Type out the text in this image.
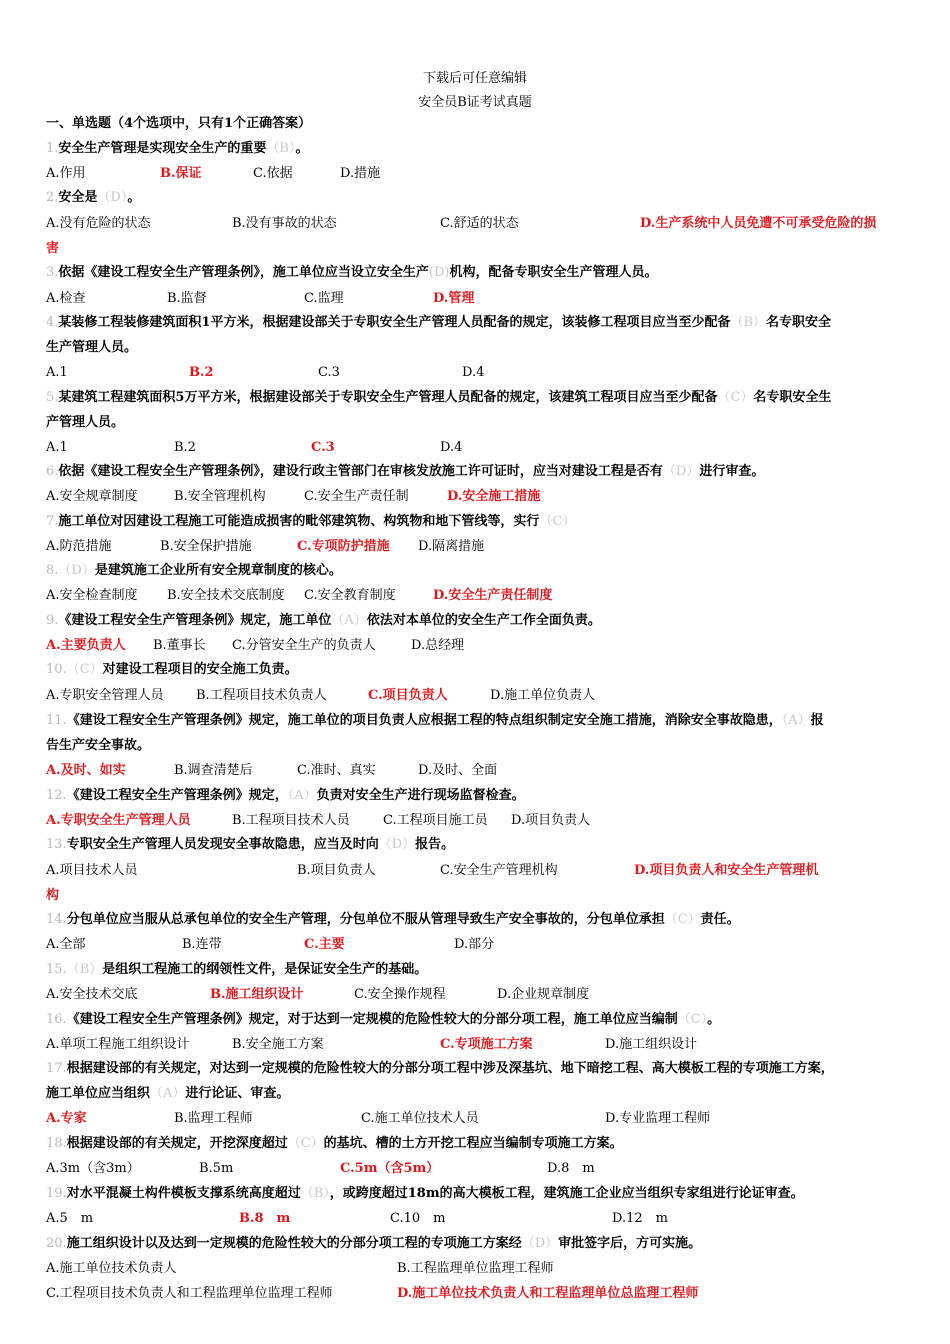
下载后可任意编辑
安全员B证考试真题
一、单选题（4个选项中，只有1个正确答案）
1.安全生产管理是实现安全生产的重要（B）。
A.作用	B.保证	C.依据	D.措施
2.安全是（D）。
A.没有危险的状态	B.没有事故的状态	C.舒适的状态	D.生产系统中人员免遭不可承受危险的损
害
3.依据《建设工程安全生产管理条例》，施工单位应当设立安全生产(D)机构，配备专职安全生产管理人员。
A.检查	B.监督	C.监理	D.管理
4.某装修工程装修建筑面积1平方米，根据建设部关于专职安全生产管理人员配备的规定，该装修工程项目应当至少配备（B）名专职安全
生产管理人员。
A.1	B.2	C.3	D.4
5.某建筑工程建筑面积5万平方米，根据建设部关于专职安全生产管理人员配备的规定，该建筑工程项目应当至少配备（C）名专职安全生
产管理人员。
A.1	B.2	C.3	D.4
6.依据《建设工程安全生产管理条例》，建设行政主管部门在审核发放施工许可证时，应当对建设工程是否有（D）进行审查。
A.安全规章制度	B.安全管理机构	C.安全生产责任制	D.安全施工措施
7.施工单位对因建设工程施工可能造成损害的毗邻建筑物、构筑物和地下管线等，实行（C）
A.防范措施	B.安全保护措施	C.专项防护措施 D.隔离措施
8.（D）是建筑施工企业所有安全规章制度的核心。
A.安全检查制度 B.安全技术交底制度 C.安全教育制度	D.安全生产责任制度
9.《建设工程安全生产管理条例》规定，施工单位（A）依法对本单位的安全生产工作全面负责。
A.主要负责人 B.董事长 C.分管安全生产的负责人	D.总经理
10.（C）对建设工程项目的安全施工负责。
A.专职安全管理人员 B.工程项目技术负责人	C.项目负责人	D.施工单位负责人
11.《建设工程安全生产管理条例》规定，施工单位的项目负责人应根据工程的特点组织制定安全施工措施，消除安全事故隐患，（A）报
告生产安全事故。
A.及时、如实	B.调查清楚后	C.准时、真实	D.及时、全面
12.《建设工程安全生产管理条例》规定，（A）负责对安全生产进行现场监督检查。
A.专职安全生产管理人员	B.工程项目技术人员	C.工程项目施工员 D.项目负责人
13.专职安全生产管理人员发现安全事故隐患，应当及时向（D）报告。
A.项目技术人员	B.项目负责人	C.安全生产管理机构	D.项目负责人和安全生产管理机
构
14.分包单位应当服从总承包单位的安全生产管理，分包单位不服从管理导致生产安全事故的，分包单位承担（C）责任。
A.全部	B.连带	C.主要	D.部分
15.（B）是组织工程施工的纲领性文件，是保证安全生产的基础。
A.安全技术交底	B.施工组织设计	C.安全操作规程	D.企业规章制度
16.《建设工程安全生产管理条例》规定，对于达到一定规模的危险性较大的分部分项工程，施工单位应当编制（C）。
A.单项工程施工组织设计	B.安全施工方案	C.专项施工方案	D.施工组织设计
17.根据建设部的有关规定，对达到一定规模的危险性较大的分部分项工程中涉及深基坑、地下暗挖工程、高大模板工程的专项施工方案，
施工单位应当组织（A）进行论证、审查。
A.专家	B.监理工程师	C.施工单位技术人员	D.专业监理工程师
18.根据建设部的有关规定，开挖深度超过（C）的基坑、槽的土方开挖工程应当编制专项施工方案。
A.3m（含3m）	B.5m	C.5m（含5m）	D.8　m
19.对水平混凝土构件模板支撑系统高度超过（B），或跨度超过18m的高大模板工程，建筑施工企业应当组织专家组进行论证审查。
A.5　m	B.8　m	C.10　m	D.12　m
20.施工组织设计以及达到一定规模的危险性较大的分部分项工程的专项施工方案经（D）审批签字后，方可实施。
A.施工单位技术负责人	B.工程监理单位监理工程师
C.工程项目技术负责人和工程监理单位监理工程师	D.施工单位技术负责人和工程监理单位总监理工程师
